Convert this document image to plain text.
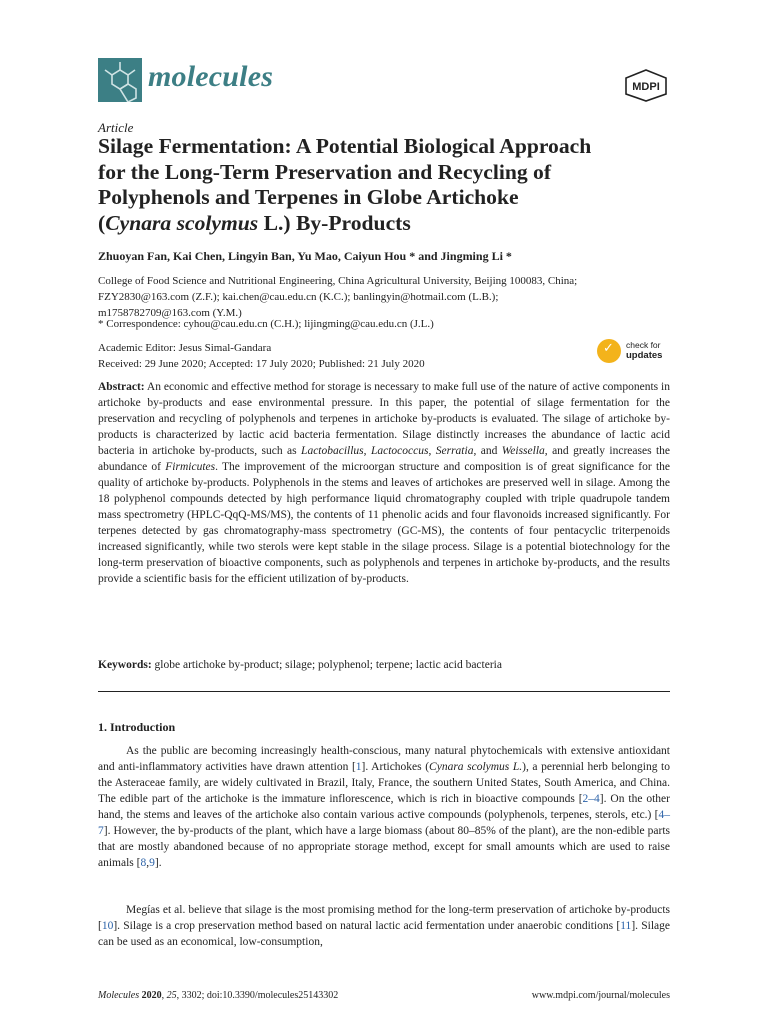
molecules	MDPI
Article
Silage Fermentation: A Potential Biological Approach
for the Long-Term Preservation and Recycling of
Polyphenols and Terpenes in Globe Artichoke
(Cynara scolymus L.) By-Products
Zhuoyan Fan, Kai Chen, Lingyin Ban, Yu Mao, Caiyun Hou * and Jingming Li *
College of Food Science and Nutritional Engineering, China Agricultural University, Beijing 100083, China;
FZY2830@163.com (Z.F.); kai.chen@cau.edu.cn (K.C.); banlingyin@hotmail.com (L.B.);
m1758782709@163.com (Y.M.)
* Correspondence: cyhou@cau.edu.cn (C.H.); lijingming@cau.edu.cn (J.L.)
Academic Editor: Jesus Simal-Gandara
Received: 29 June 2020; Accepted: 17 July 2020; Published: 21 July 2020
✓ check for
updates

Abstract: An economic and effective method for storage is necessary to make full use of the nature of active components in artichoke by-products and ease environmental pressure. In this paper, the potential of silage fermentation for the preservation and recycling of polyphenols and terpenes in artichoke by-products is evaluated. The silage of artichoke by-products is characterized by lactic acid bacteria fermentation. Silage distinctly increases the abundance of lactic acid bacteria in artichoke by-products, such as Lactobacillus, Lactococcus, Serratia, and Weissella, and greatly increases the abundance of Firmicutes. The improvement of the microorgan structure and composition is of great significance for the quality of artichoke by-products. Polyphenols in the stems and leaves of artichokes are preserved well in silage. Among the 18 polyphenol compounds detected by high performance liquid chromatography coupled with triple quadrupole tandem mass spectrometry (HPLC-QqQ-MS/MS), the contents of 11 phenolic acids and four flavonoids increased significantly. For terpenes detected by gas chromatography-mass spectrometry (GC-MS), the contents of four pentacyclic triterpenoids increased significantly, while two sterols were kept stable in the silage process. Silage is a potential biotechnology for the long-term preservation of bioactive components, such as polyphenols and terpenes in artichoke by-products, and the results provide a scientific basis for the efficient utilization of by-products.

Keywords: globe artichoke by-product; silage; polyphenol; terpene; lactic acid bacteria

1. Introduction

As the public are becoming increasingly health-conscious, many natural phytochemicals with extensive antioxidant and anti-inflammatory activities have drawn attention [1]. Artichokes (Cynara scolymus L.), a perennial herb belonging to the Asteraceae family, are widely cultivated in Brazil, Italy, France, the southern United States, South America, and China. The edible part of the artichoke is the immature inflorescence, which is rich in bioactive compounds [2–4]. On the other hand, the stems and leaves of the artichoke also contain various active compounds (polyphenols, terpenes, sterols, etc.) [4–7]. However, the by-products of the plant, which have a large biomass (about 80–85% of the plant), are the non-edible parts that are mostly abandoned because of no appropriate storage method, except for small amounts which are used to raise animals [8,9].

Megías et al. believe that silage is the most promising method for the long-term preservation of artichoke by-products [10]. Silage is a crop preservation method based on natural lactic acid fermentation under anaerobic conditions [11]. Silage can be used as an economical, low-consumption,

Molecules 2020, 25, 3302; doi:10.3390/molecules25143302	www.mdpi.com/journal/molecules
